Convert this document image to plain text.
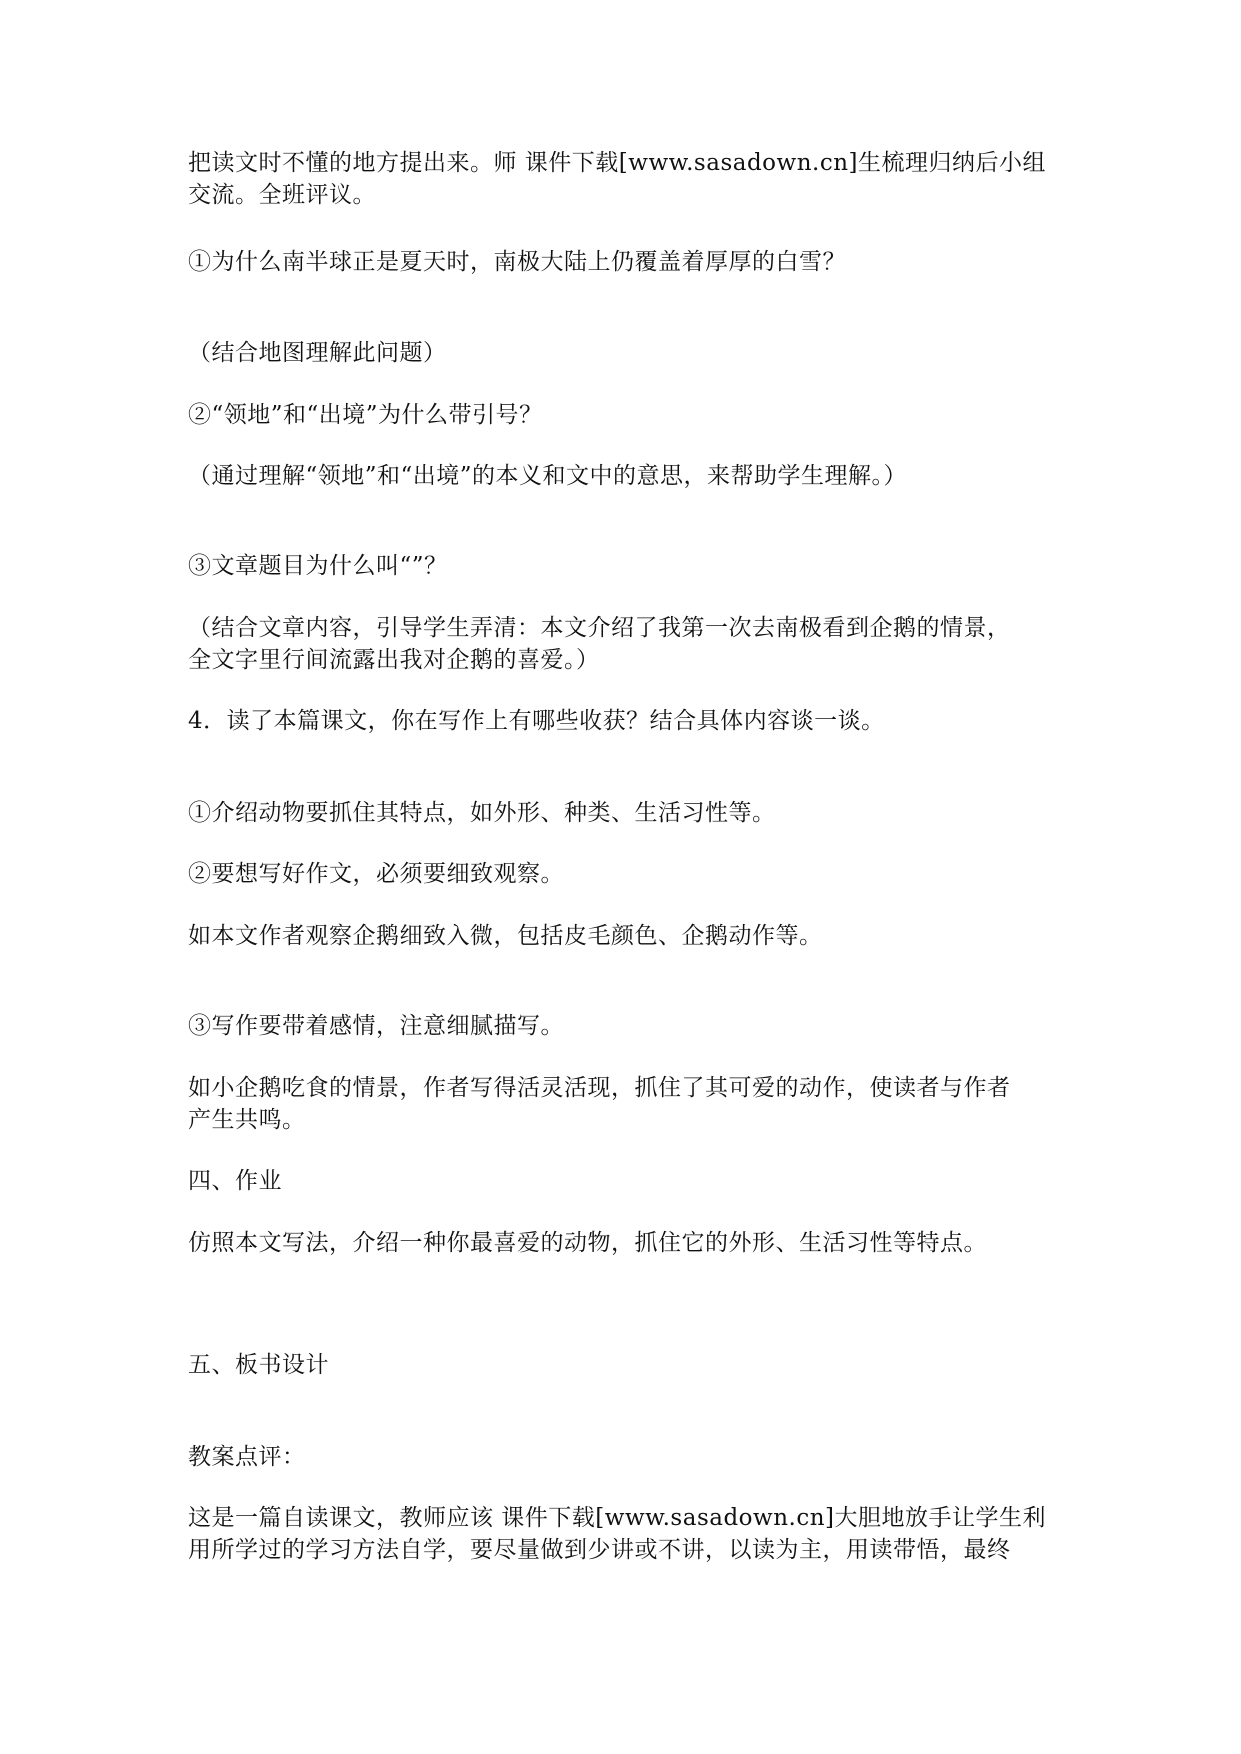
把读文时不懂的地方提出来。师 课件下载[www.sasadown.cn]生梳理归纳后小组
交流。全班评议。
①为什么南半球正是夏天时，南极大陆上仍覆盖着厚厚的白雪？
（结合地图理解此问题）
②“领地”和“出境”为什么带引号？
（通过理解“领地”和“出境”的本义和文中的意思，来帮助学生理解。）
③文章题目为什么叫“”？
（结合文章内容，引导学生弄清：本文介绍了我第一次去南极看到企鹅的情景，
全文字里行间流露出我对企鹅的喜爱。）
4．读了本篇课文，你在写作上有哪些收获？结合具体内容谈一谈。
①介绍动物要抓住其特点，如外形、种类、生活习性等。
②要想写好作文，必须要细致观察。
如本文作者观察企鹅细致入微，包括皮毛颜色、企鹅动作等。
③写作要带着感情，注意细腻描写。
如小企鹅吃食的情景，作者写得活灵活现，抓住了其可爱的动作，使读者与作者
产生共鸣。
四、作业
仿照本文写法，介绍一种你最喜爱的动物，抓住它的外形、生活习性等特点。
五、板书设计
教案点评：
这是一篇自读课文，教师应该 课件下载[www.sasadown.cn]大胆地放手让学生利
用所学过的学习方法自学，要尽量做到少讲或不讲，以读为主，用读带悟，最终
